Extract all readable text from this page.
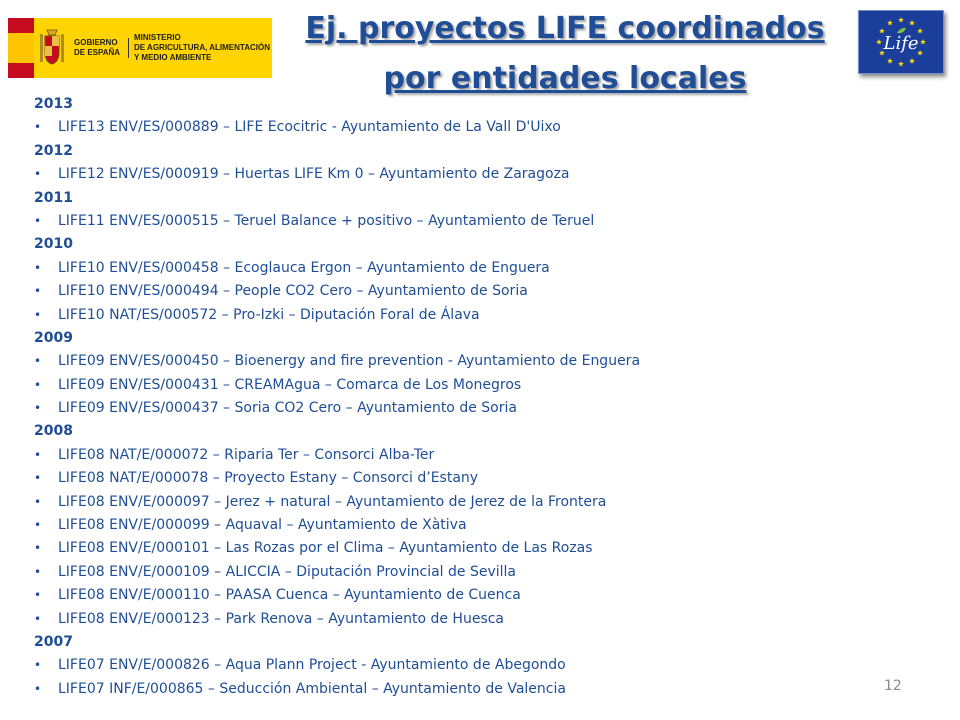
GOBIERNO
DE ESPAÑA
MINISTERIO
DE AGRICULTURA, ALIMENTACIÓN
Y MEDIO AMBIENTE
Ej. proyectos LIFE coordinados por entidades locales
Life
2013
• LIFE13 ENV/ES/000889 – LIFE Ecocitric - Ayuntamiento de La Vall D'Uixo
2012
• LIFE12 ENV/ES/000919 – Huertas LIFE Km 0 – Ayuntamiento de Zaragoza
2011
• LIFE11 ENV/ES/000515 – Teruel Balance + positivo – Ayuntamiento de Teruel
2010
• LIFE10 ENV/ES/000458 – Ecoglauca Ergon – Ayuntamiento de Enguera
• LIFE10 ENV/ES/000494 – People CO2 Cero – Ayuntamiento de Soria
• LIFE10 NAT/ES/000572 – Pro-Izki – Diputación Foral de Álava
2009
• LIFE09 ENV/ES/000450 – Bioenergy and fire prevention - Ayuntamiento de Enguera
• LIFE09 ENV/ES/000431 – CREAMAgua – Comarca de Los Monegros
• LIFE09 ENV/ES/000437 – Soria CO2 Cero – Ayuntamiento de Soria
2008
• LIFE08 NAT/E/000072 – Riparia Ter – Consorci Alba-Ter
• LIFE08 NAT/E/000078 – Proyecto Estany – Consorci d’Estany
• LIFE08 ENV/E/000097 – Jerez + natural – Ayuntamiento de Jerez de la Frontera
• LIFE08 ENV/E/000099 – Aquaval – Ayuntamiento de Xàtiva
• LIFE08 ENV/E/000101 – Las Rozas por el Clima – Ayuntamiento de Las Rozas
• LIFE08 ENV/E/000109 – ALICCIA – Diputación Provincial de Sevilla
• LIFE08 ENV/E/000110 – PAASA Cuenca – Ayuntamiento de Cuenca
• LIFE08 ENV/E/000123 – Park Renova – Ayuntamiento de Huesca
2007
• LIFE07 ENV/E/000826 – Aqua Plann Project - Ayuntamiento de Abegondo
• LIFE07 INF/E/000865 – Seducción Ambiental – Ayuntamiento de Valencia	12
